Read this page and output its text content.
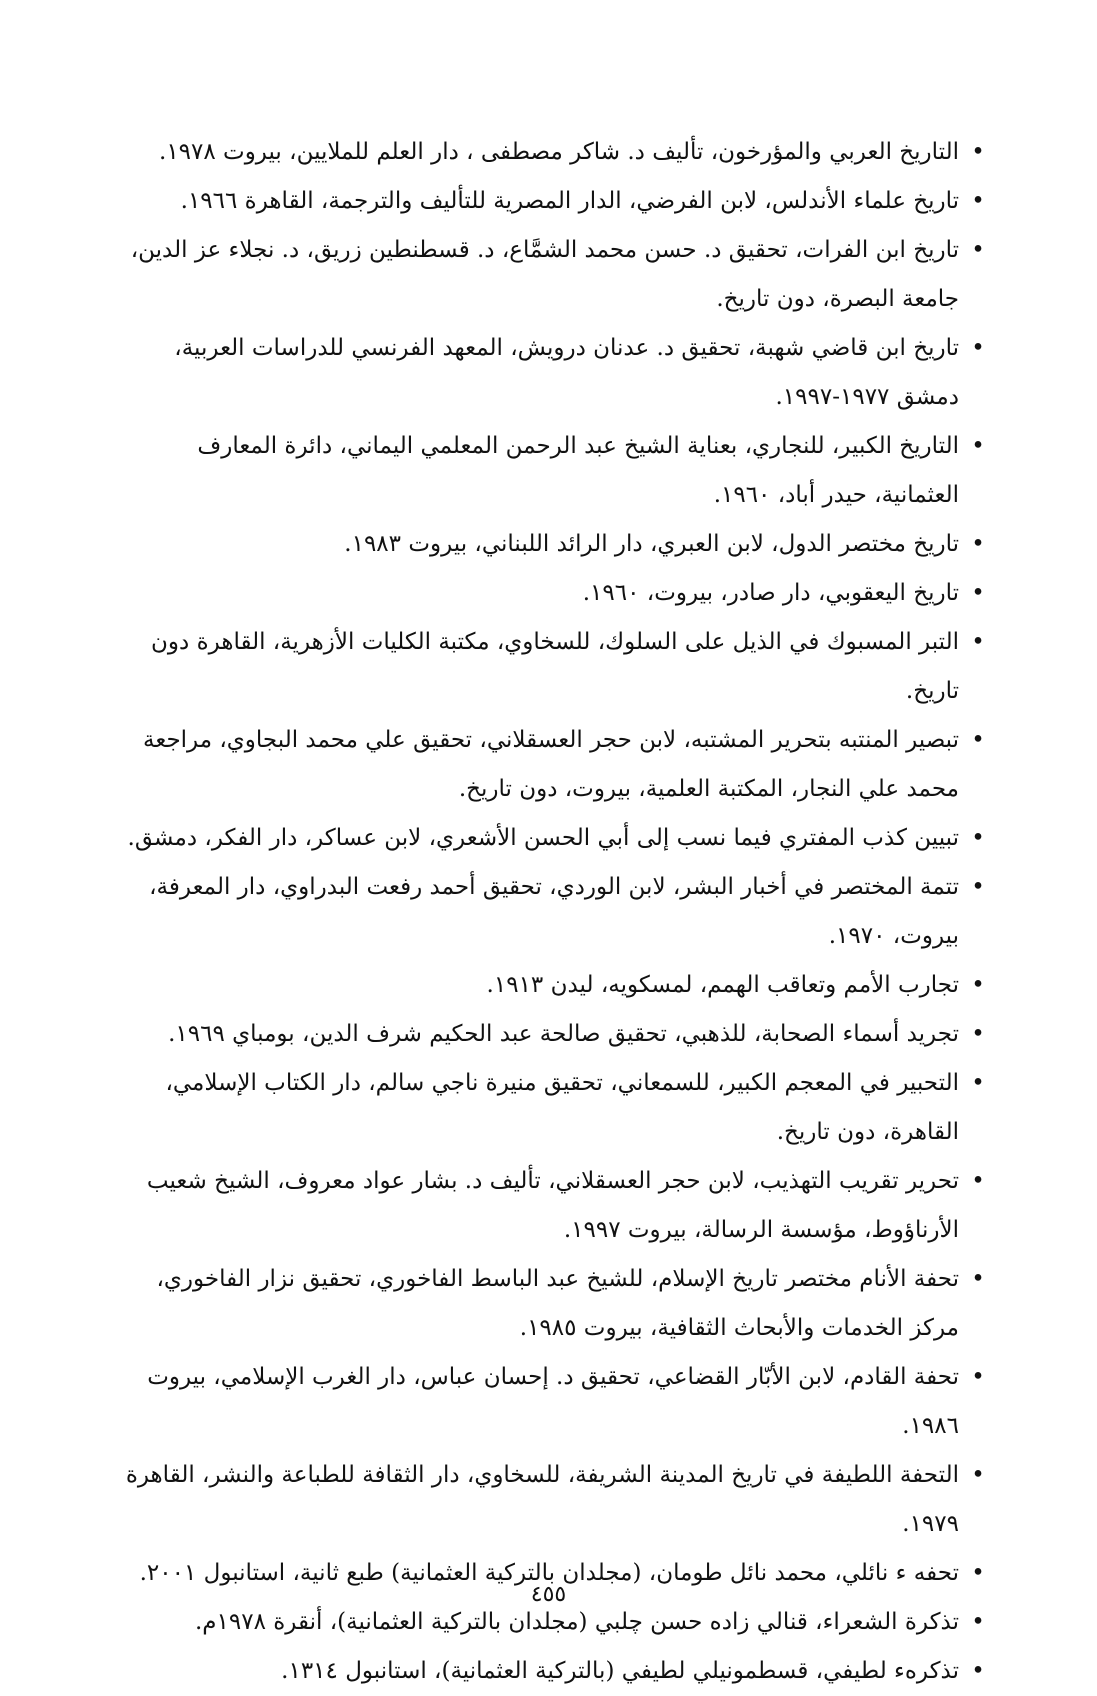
•
التاريخ العربي والمؤرخون، تأليف د. شاكر مصطفى ، دار العلم للملايين، بيروت ١٩٧٨.
•
تاريخ علماء الأندلس، لابن الفرضي، الدار المصرية للتأليف والترجمة، القاهرة ١٩٦٦.
•
تاريخ ابن الفرات، تحقيق د. حسن محمد الشمَّاع، د. قسطنطين زريق، د. نجلاء عز الدين، جامعة البصرة، دون تاريخ.
•
تاريخ ابن قاضي شهبة، تحقيق د. عدنان درويش، المعهد الفرنسي للدراسات العربية، دمشق ١٩٧٧-١٩٩٧.
•
التاريخ الكبير، للنجاري، بعناية الشيخ عبد الرحمن المعلمي اليماني، دائرة المعارف العثمانية، حيدر أباد، ١٩٦٠.
•
تاريخ مختصر الدول، لابن العبري، دار الرائد اللبناني، بيروت ١٩٨٣.
•
تاريخ اليعقوبي، دار صادر، بيروت، ١٩٦٠.
•
التبر المسبوك في الذيل على السلوك، للسخاوي، مكتبة الكليات الأزهرية، القاهرة دون تاريخ.
•
تبصير المنتبه بتحرير المشتبه، لابن حجر العسقلاني، تحقيق علي محمد البجاوي، مراجعة محمد علي النجار، المكتبة العلمية، بيروت، دون تاريخ.
•
تبيين كذب المفتري فيما نسب إلى أبي الحسن الأشعري، لابن عساكر، دار الفكر، دمشق.
•
تتمة المختصر في أخبار البشر، لابن الوردي، تحقيق أحمد رفعت البدراوي، دار المعرفة، بيروت، ١٩٧٠.
•
تجارب الأمم وتعاقب الهمم، لمسكويه، ليدن ١٩١٣.
•
تجريد أسماء الصحابة، للذهبي، تحقيق صالحة عبد الحكيم شرف الدين، بومباي ١٩٦٩.
•
التحبير في المعجم الكبير، للسمعاني، تحقيق منيرة ناجي سالم، دار الكتاب الإسلامي، القاهرة، دون تاريخ.
•
تحرير تقريب التهذيب، لابن حجر العسقلاني، تأليف د. بشار عواد معروف، الشيخ شعيب الأرناؤوط، مؤسسة الرسالة، بيروت ١٩٩٧.
•
تحفة الأنام مختصر تاريخ الإسلام، للشيخ عبد الباسط الفاخوري، تحقيق نزار الفاخوري، مركز الخدمات والأبحاث الثقافية، بيروت ١٩٨٥.
•
تحفة القادم، لابن الأبّار القضاعي، تحقيق د. إحسان عباس، دار الغرب الإسلامي، بيروت ١٩٨٦.
•
التحفة اللطيفة في تاريخ المدينة الشريفة، للسخاوي، دار الثقافة للطباعة والنشر، القاهرة ١٩٧٩.
•
تحفه ء نائلي، محمد نائل طومان، (مجلدان بالتركية العثمانية) طبع ثانية، استانبول ٢٠٠١.
•
تذكرة الشعراء، قنالي زاده حسن چلبي (مجلدان بالتركية العثمانية)، أنقرة ١٩٧٨م.
•
تذكرهء لطيفي، قسطمونيلي لطيفي (بالتركية العثمانية)، استانبول ١٣١٤.
٤٥٥
